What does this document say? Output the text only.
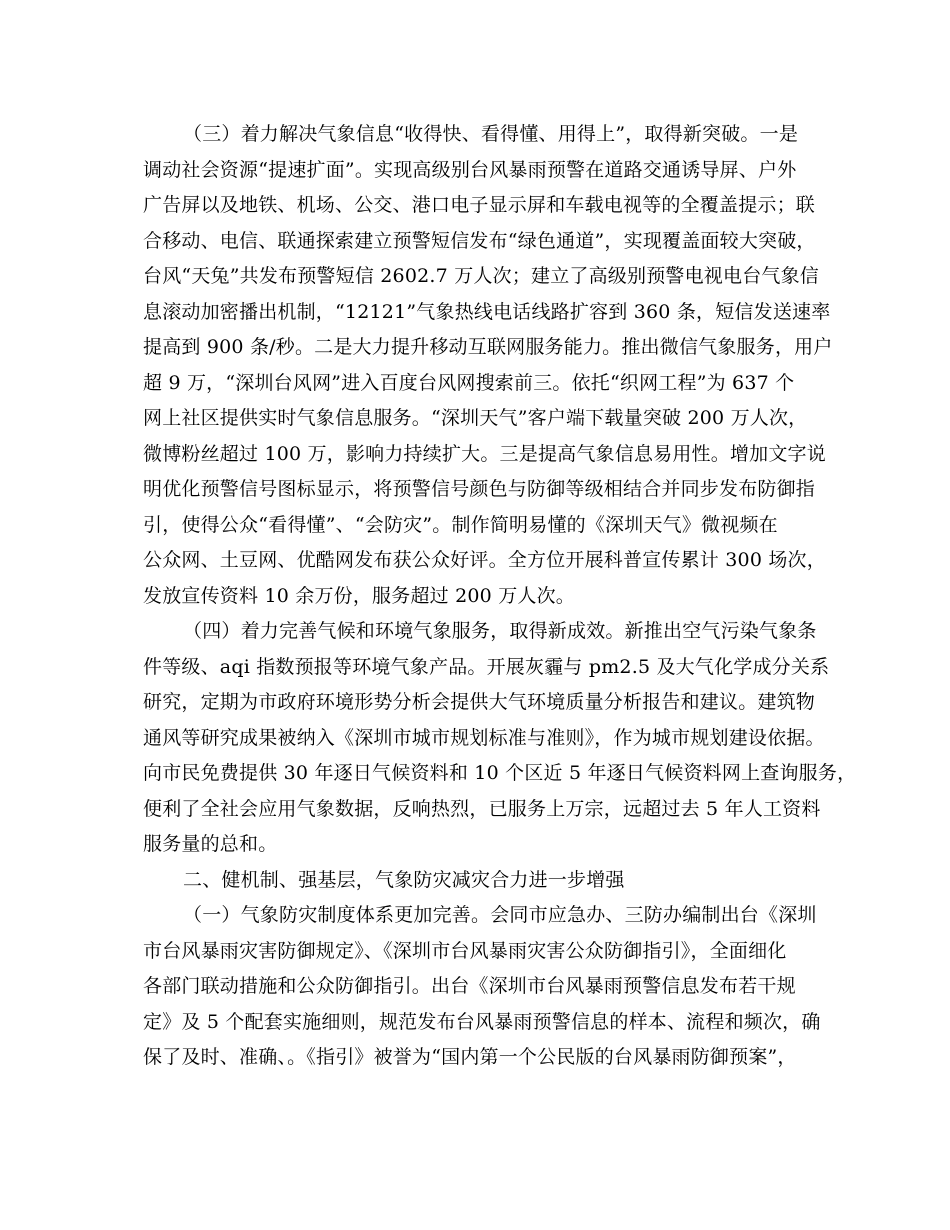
（三）着力解决气象信息“收得快、看得懂、用得上”，取得新突破。一是
调动社会资源“提速扩面”。实现高级别台风暴雨预警在道路交通诱导屏、户外
广告屏以及地铁、机场、公交、港口电子显示屏和车载电视等的全覆盖提示；联
合移动、电信、联通探索建立预警短信发布“绿色通道”，实现覆盖面较大突破，
台风“天兔”共发布预警短信 2602.7 万人次；建立了高级别预警电视电台气象信
息滚动加密播出机制，“12121”气象热线电话线路扩容到 360 条，短信发送速率
提高到 900 条/秒。二是大力提升移动互联网服务能力。推出微信气象服务，用户
超 9 万，“深圳台风网”进入百度台风网搜索前三。依托“织网工程”为 637 个
网上社区提供实时气象信息服务。“深圳天气”客户端下载量突破 200 万人次，
微博粉丝超过 100 万，影响力持续扩大。三是提高气象信息易用性。增加文字说
明优化预警信号图标显示，将预警信号颜色与防御等级相结合并同步发布防御指
引，使得公众“看得懂”、“会防灾”。制作简明易懂的《深圳天气》微视频在
公众网、土豆网、优酷网发布获公众好评。全方位开展科普宣传累计 300 场次，
发放宣传资料 10 余万份，服务超过 200 万人次。
（四）着力完善气候和环境气象服务，取得新成效。新推出空气污染气象条
件等级、aqi 指数预报等环境气象产品。开展灰霾与 pm2.5 及大气化学成分关系
研究，定期为市政府环境形势分析会提供大气环境质量分析报告和建议。建筑物
通风等研究成果被纳入《深圳市城市规划标准与准则》，作为城市规划建设依据。
向市民免费提供 30 年逐日气候资料和 10 个区近 5 年逐日气候资料网上查询服务，
便利了全社会应用气象数据，反响热烈，已服务上万宗，远超过去 5 年人工资料
服务量的总和。
二、健机制、强基层，气象防灾减灾合力进一步增强
（一）气象防灾制度体系更加完善。会同市应急办、三防办编制出台《深圳
市台风暴雨灾害防御规定》、《深圳市台风暴雨灾害公众防御指引》，全面细化
各部门联动措施和公众防御指引。出台《深圳市台风暴雨预警信息发布若干规
定》及 5 个配套实施细则，规范发布台风暴雨预警信息的样本、流程和频次，确
保了及时、准确、。《指引》被誉为“国内第一个公民版的台风暴雨防御预案”，
